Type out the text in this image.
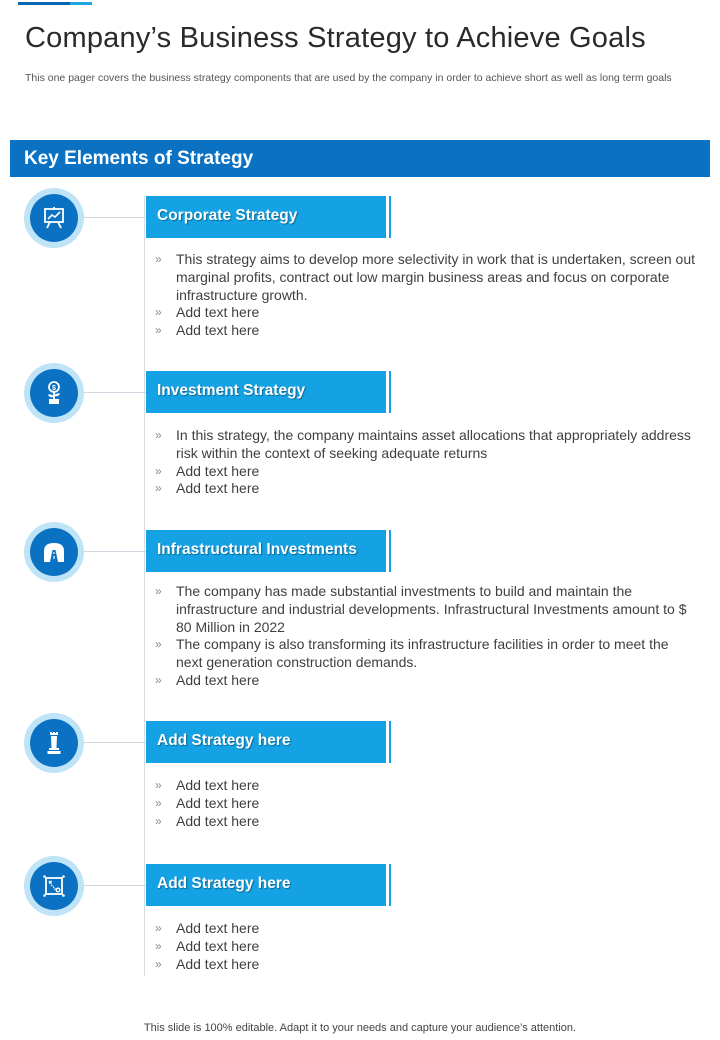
Company’s Business Strategy to Achieve Goals

This one pager covers the business strategy components that are used by the company in order to achieve short as well as long term goals

Key Elements of Strategy
Corporate Strategy
» This strategy aims to develop more selectivity in work that is undertaken, screen out marginal profits, contract out low margin business areas and focus on corporate infrastructure growth.
» Add text here
» Add text here
$	Investment Strategy
» In this strategy, the company maintains asset allocations that appropriately address risk within the context of seeking adequate returns
» Add text here
» Add text here
Infrastructural Investments
» The company has made substantial investments to build and maintain the infrastructure and industrial developments. Infrastructural Investments amount to $ 80 Million in 2022
» The company is also transforming its infrastructure facilities in order to meet the next generation construction demands.
» Add text here
Add Strategy here
» Add text here
» Add text here
» Add text here
Add Strategy here
» Add text here
» Add text here
» Add text here
This slide is 100% editable. Adapt it to your needs and capture your audience’s attention.
